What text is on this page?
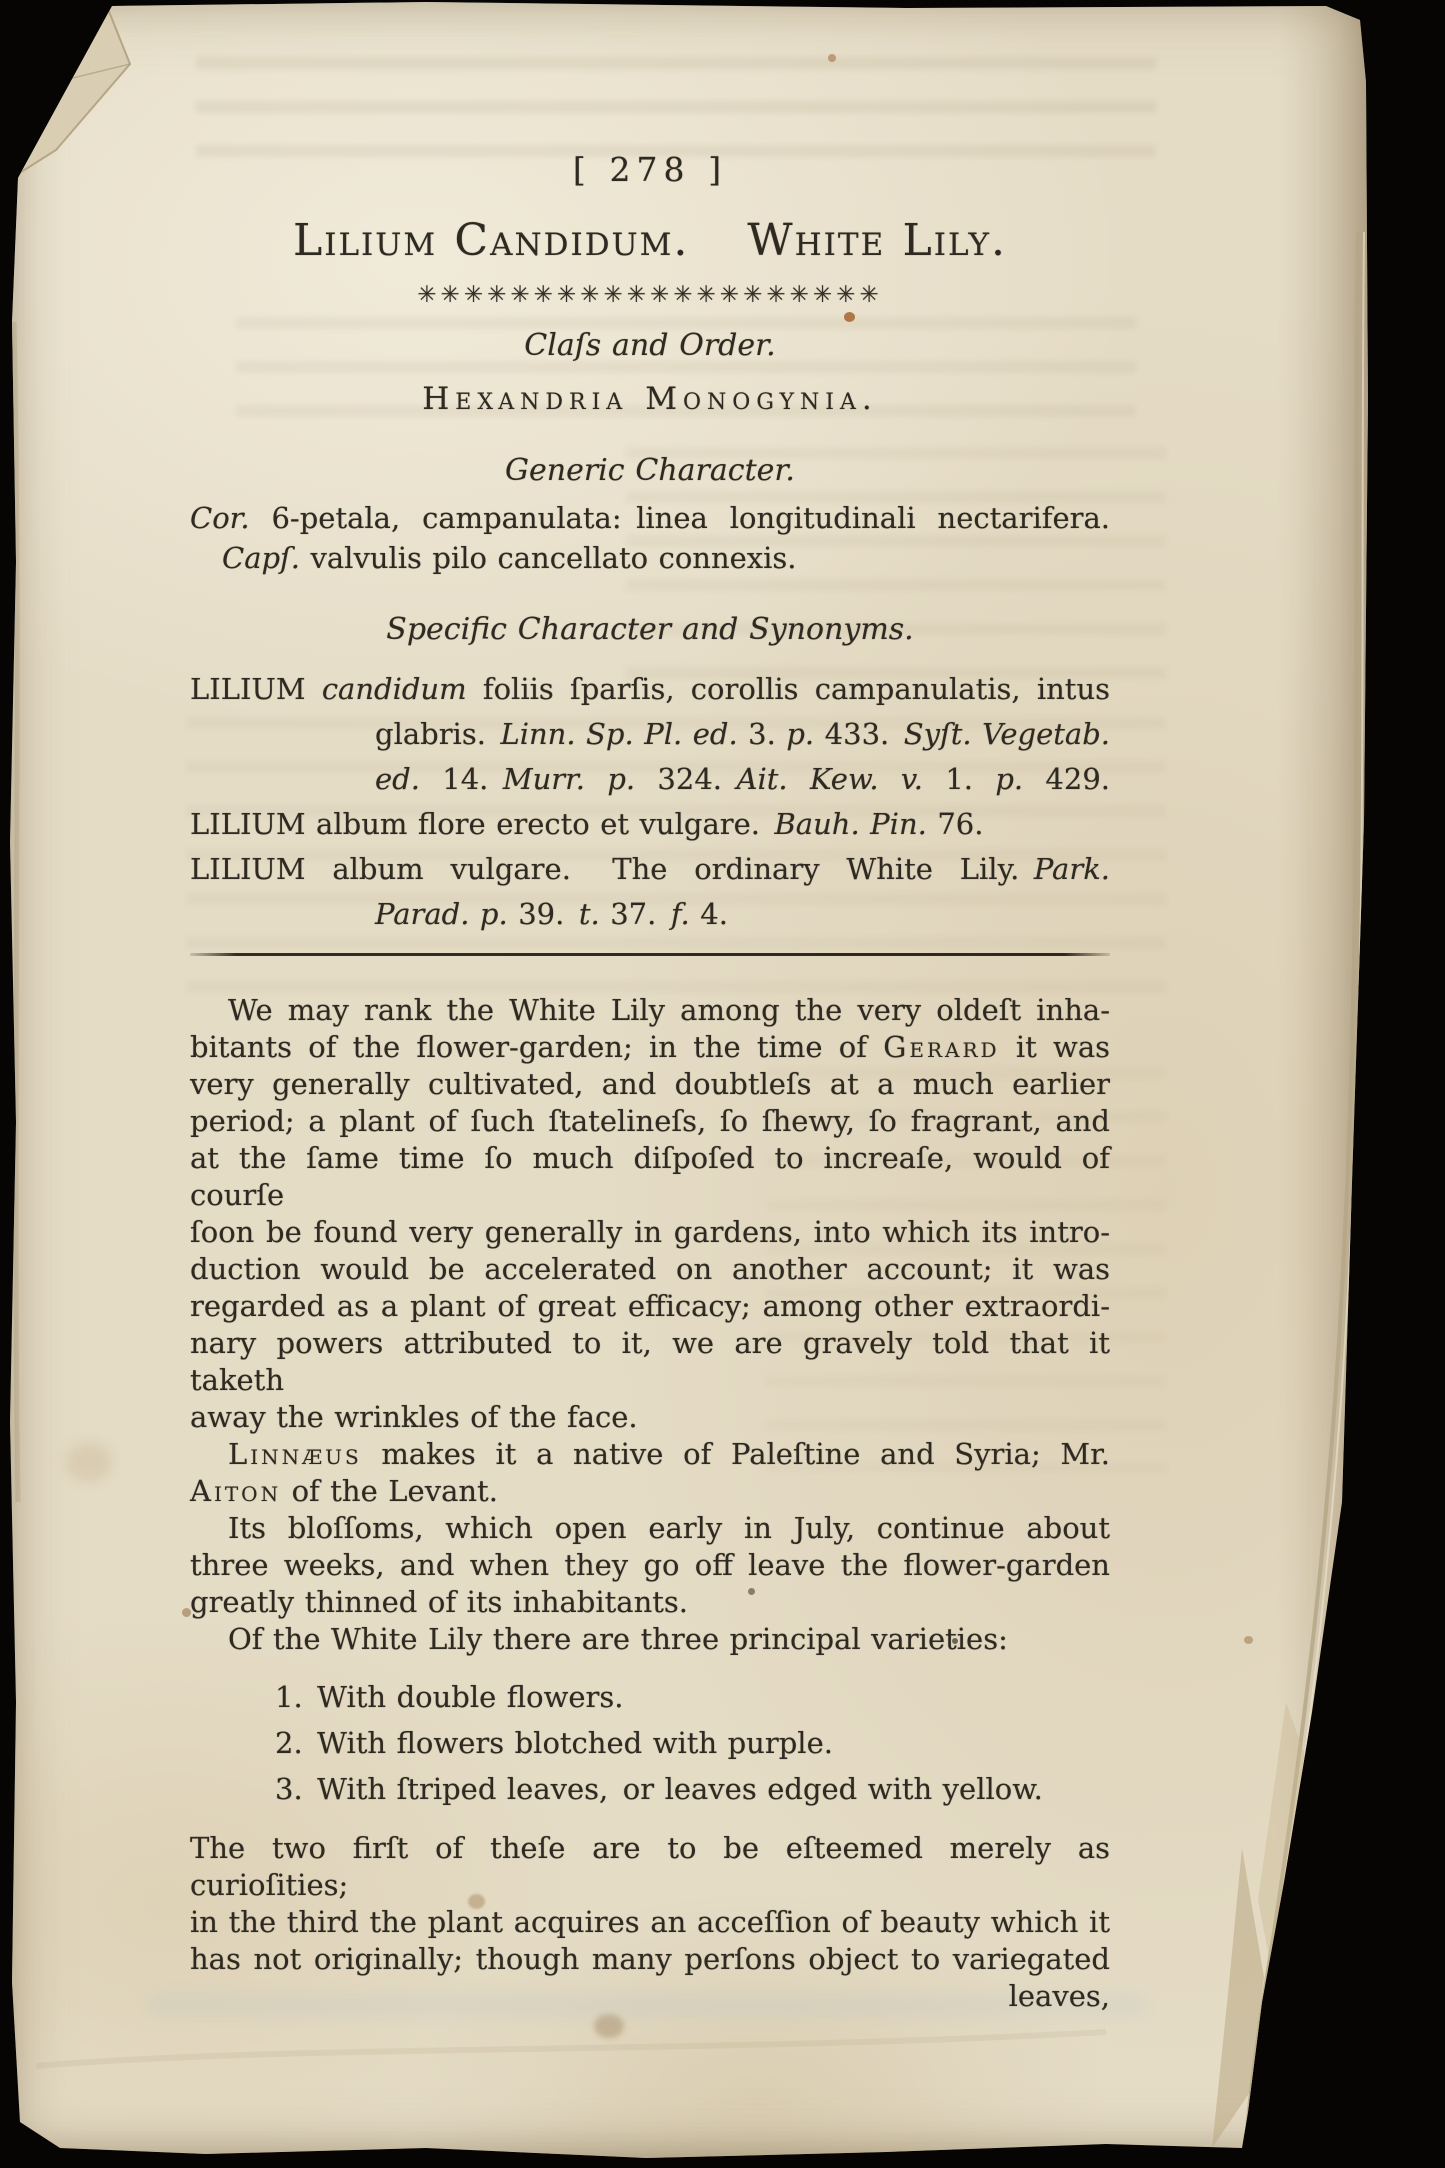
[ 278 ]
Lilium Candidum. White Lily.
✳✳✳✳✳✳✳✳✳✳✳✳✳✳✳✳✳✳✳✳
Claſs and Order.
Hexandria Monogynia.
Generic Character.
Cor. 6-petala, campanulata: linea longitudinali nectarifera.
Capſ. valvulis pilo cancellato connexis.
Specific Character and Synonyms.
LILIUM candidum foliis ſparſis, corollis campanulatis, intus
glabris. Linn. Sp. Pl. ed. 3. p. 433. Syſt. Vegetab.
ed. 14. Murr. p. 324. Ait. Kew. v. 1. p. 429.
LILIUM album flore erecto et vulgare. Bauh. Pin. 76.
LILIUM album vulgare.  The ordinary White Lily. Park.
Parad. p. 39. t. 37. f. 4.
We may rank the White Lily among the very oldeſt inha-
bitants of the flower-garden; in the time of Gerard it was
very generally cultivated, and doubtleſs at a much earlier
period; a plant of ſuch ſtatelineſs, ſo ſhewy, ſo fragrant, and
at the ſame time ſo much diſpoſed to increaſe, would of courſe
ſoon be found very generally in gardens, into which its intro-
duction would be accelerated on another account; it was
regarded as a plant of great efficacy; among other extraordi-
nary powers attributed to it, we are gravely told that it taketh
away the wrinkles of the face.
Linnæus makes it a native of Paleſtine and Syria; Mr.
Aiton of the Levant.
Its bloſſoms, which open early in July, continue about
three weeks, and when they go off leave the flower-garden
greatly thinned of its inhabitants.
Of the White Lily there are three principal varieties:
1. With double flowers.
2. With flowers blotched with purple.
3. With ſtriped leaves, or leaves edged with yellow.
The two firſt of theſe are to be eſteemed merely as curioſities;
in the third the plant acquires an acceſſion of beauty which it
has not originally; though many perſons object to variegated
leaves,
